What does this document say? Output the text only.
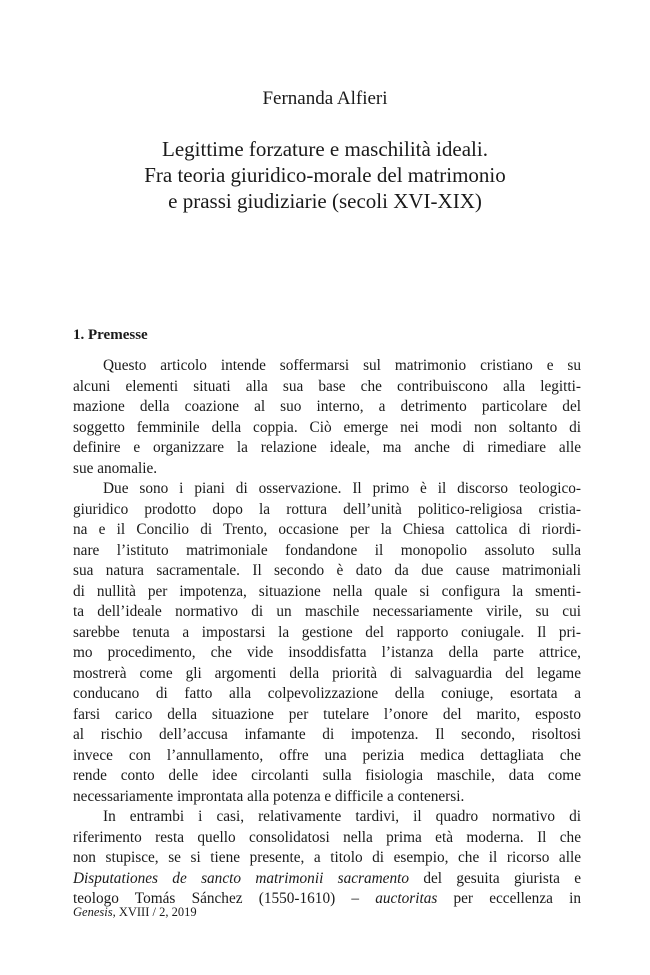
Fernanda Alfieri
Legittime forzature e maschilità ideali.
Fra teoria giuridico-morale del matrimonio
e prassi giudiziarie (secoli XVI-XIX)
1. Premesse
Questo articolo intende soffermarsi sul matrimonio cristiano e su
alcuni elementi situati alla sua base che contribuiscono alla legitti-
mazione della coazione al suo interno, a detrimento particolare del
soggetto femminile della coppia. Ciò emerge nei modi non soltanto di
definire e organizzare la relazione ideale, ma anche di rimediare alle
sue anomalie.
Due sono i piani di osservazione. Il primo è il discorso teologico-
giuridico prodotto dopo la rottura dell’unità politico-religiosa cristia-
na e il Concilio di Trento, occasione per la Chiesa cattolica di riordi-
nare l’istituto matrimoniale fondandone il monopolio assoluto sulla
sua natura sacramentale. Il secondo è dato da due cause matrimoniali
di nullità per impotenza, situazione nella quale si configura la smenti-
ta dell’ideale normativo di un maschile necessariamente virile, su cui
sarebbe tenuta a impostarsi la gestione del rapporto coniugale. Il pri-
mo procedimento, che vide insoddisfatta l’istanza della parte attrice,
mostrerà come gli argomenti della priorità di salvaguardia del legame
conducano di fatto alla colpevolizzazione della coniuge, esortata a
farsi carico della situazione per tutelare l’onore del marito, esposto
al rischio dell’accusa infamante di impotenza. Il secondo, risoltosi
invece con l’annullamento, offre una perizia medica dettagliata che
rende conto delle idee circolanti sulla fisiologia maschile, data come
necessariamente improntata alla potenza e difficile a contenersi.
In entrambi i casi, relativamente tardivi, il quadro normativo di
riferimento resta quello consolidatosi nella prima età moderna. Il che
non stupisce, se si tiene presente, a titolo di esempio, che il ricorso alle
Disputationes de sancto matrimonii sacramento del gesuita giurista e
teologo Tomás Sánchez (1550-1610) – auctoritas per eccellenza in
Genesis, XVIII / 2, 2019
